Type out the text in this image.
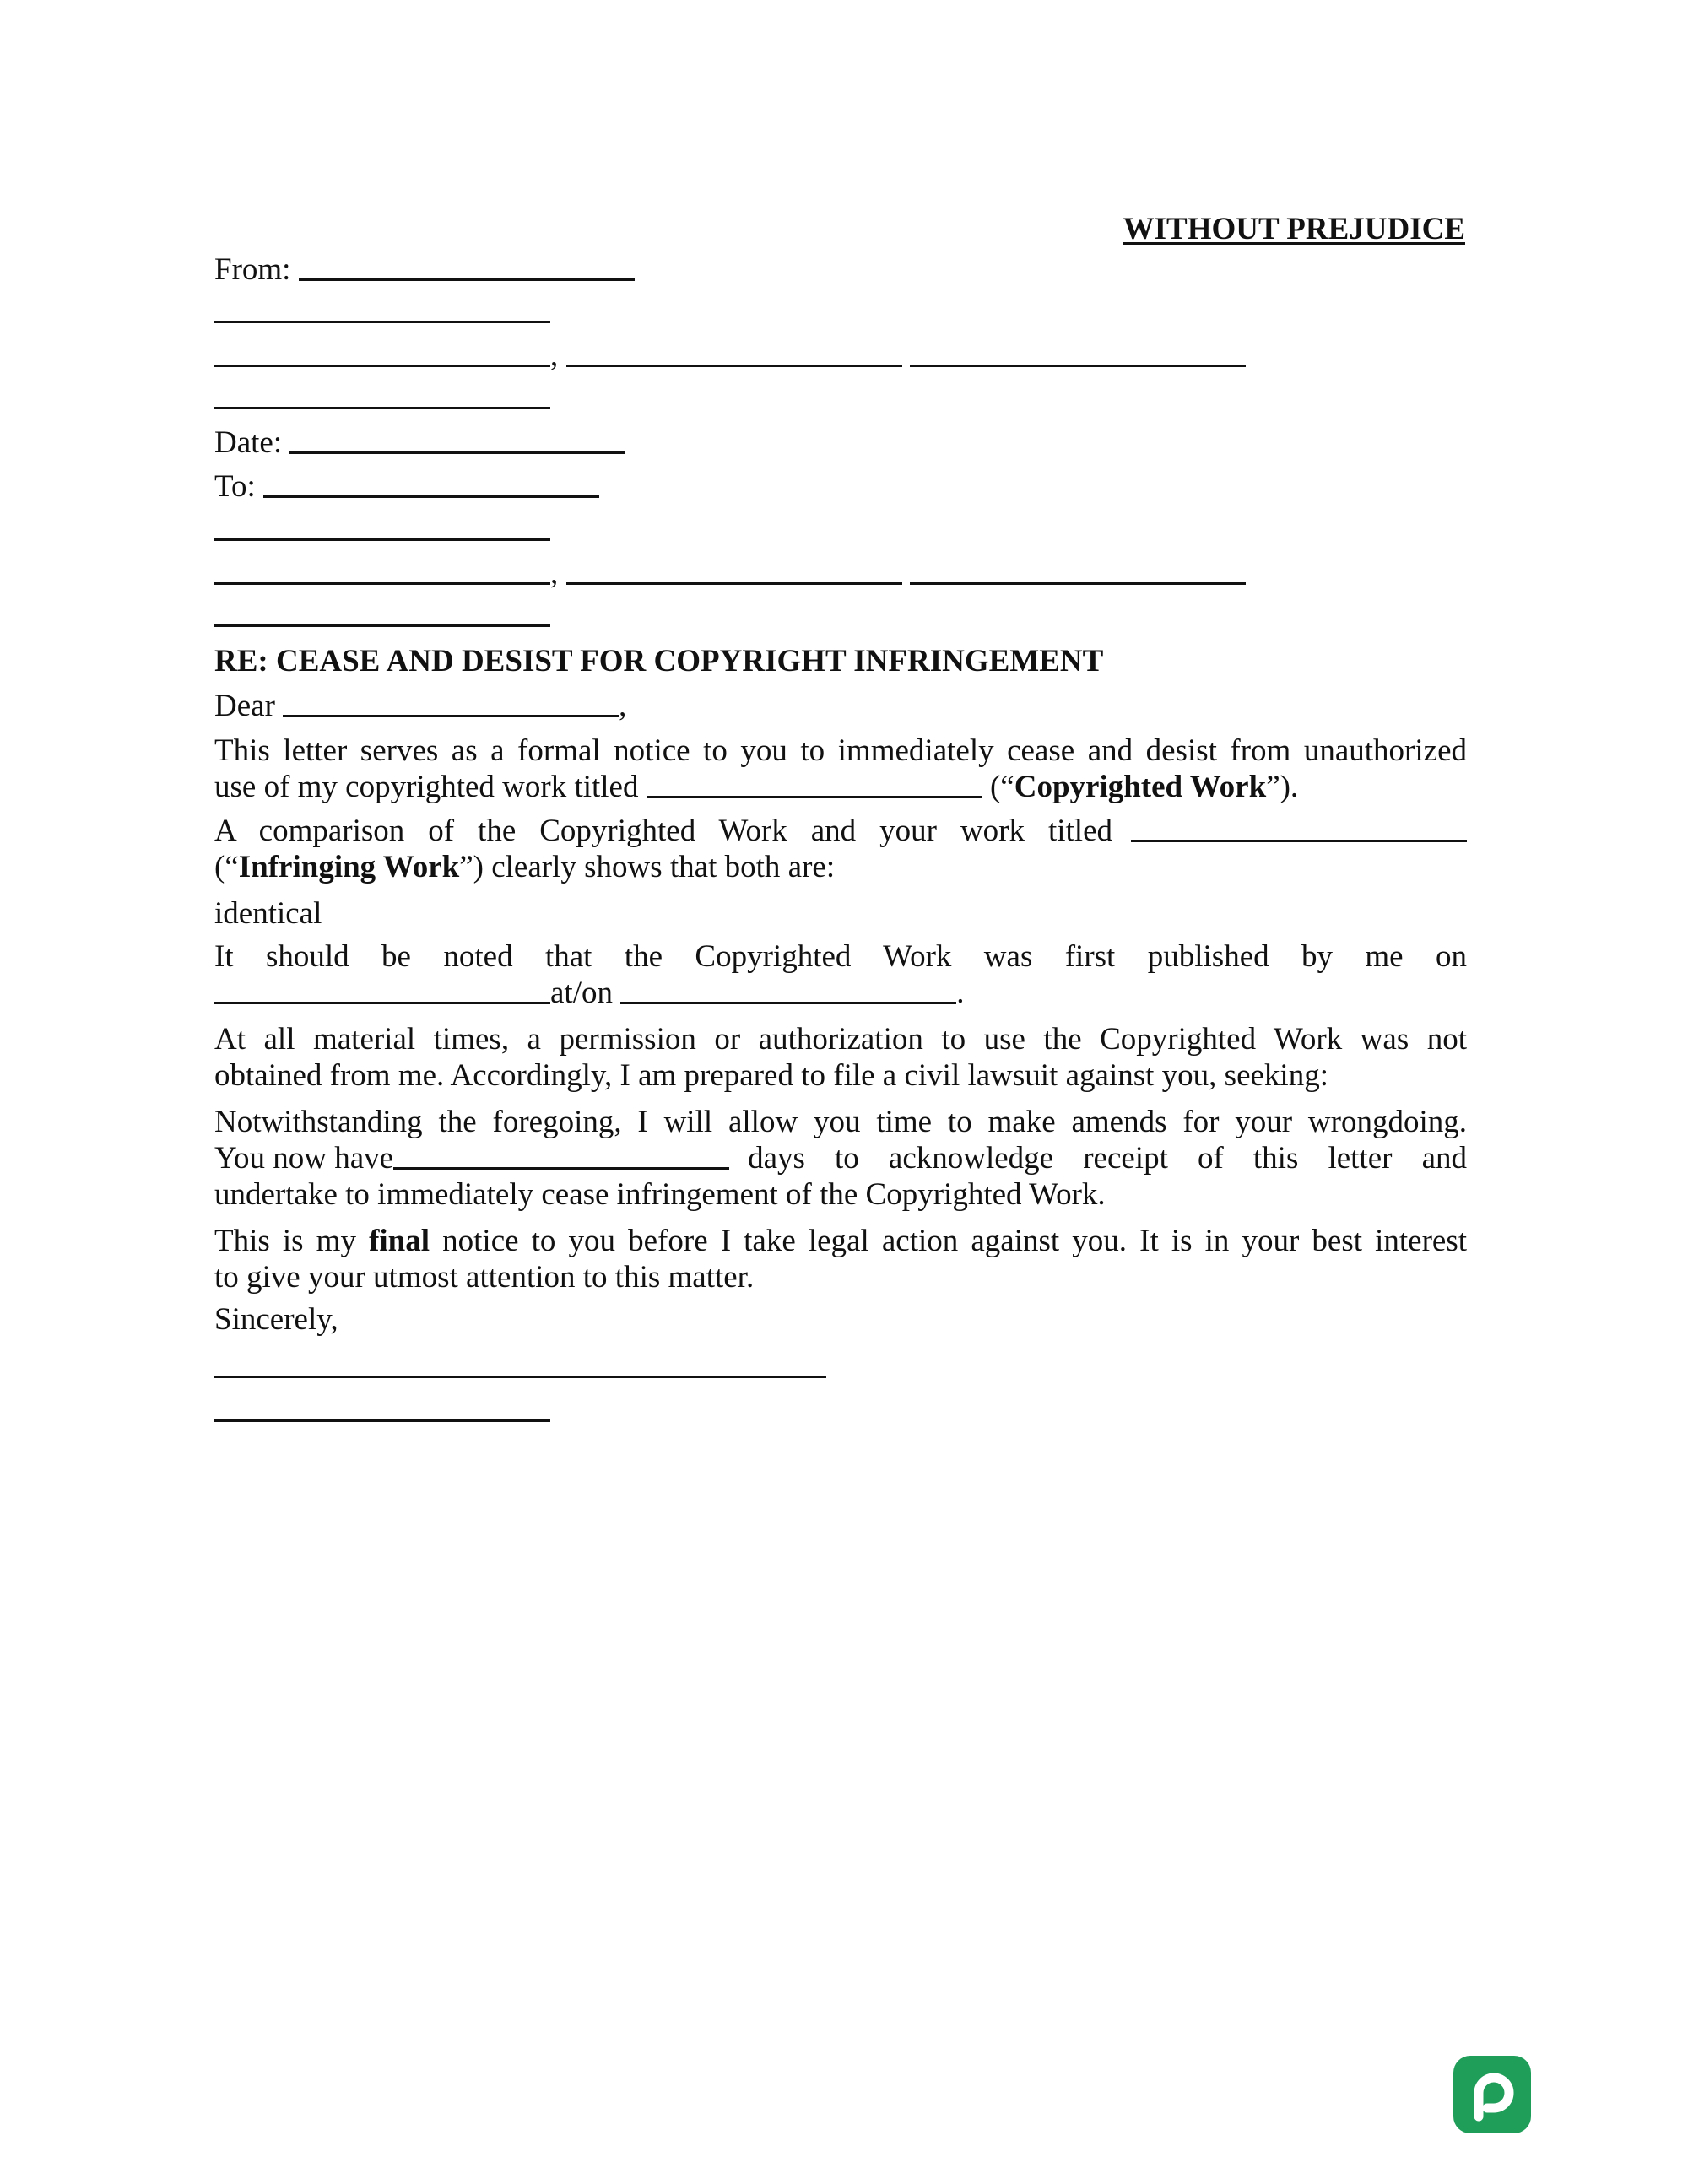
WITHOUT PREJUDICE
From:
,
Date:
To:
,
RE: CEASE AND DESIST FOR COPYRIGHT INFRINGEMENT
Dear	,
This letter serves as a formal notice to you to immediately cease and desist from unauthorized
use of my copyrighted work titled	(“Copyrighted Work”).
A comparison of the Copyrighted Work and your work titled
(“Infringing Work”) clearly shows that both are:
identical
It should be noted that the Copyrighted Work was first published by me on
at/on	.
At all material times, a permission or authorization to use the Copyrighted Work was not
obtained from me. Accordingly, I am prepared to file a civil lawsuit against you, seeking:
Notwithstanding the foregoing, I will allow you time to make amends for your wrongdoing.
You now have	days to acknowledge receipt of this letter and
undertake to immediately cease infringement of the Copyrighted Work.
This is my final notice to you before I take legal action against you. It is in your best interest
to give your utmost attention to this matter.
Sincerely,
